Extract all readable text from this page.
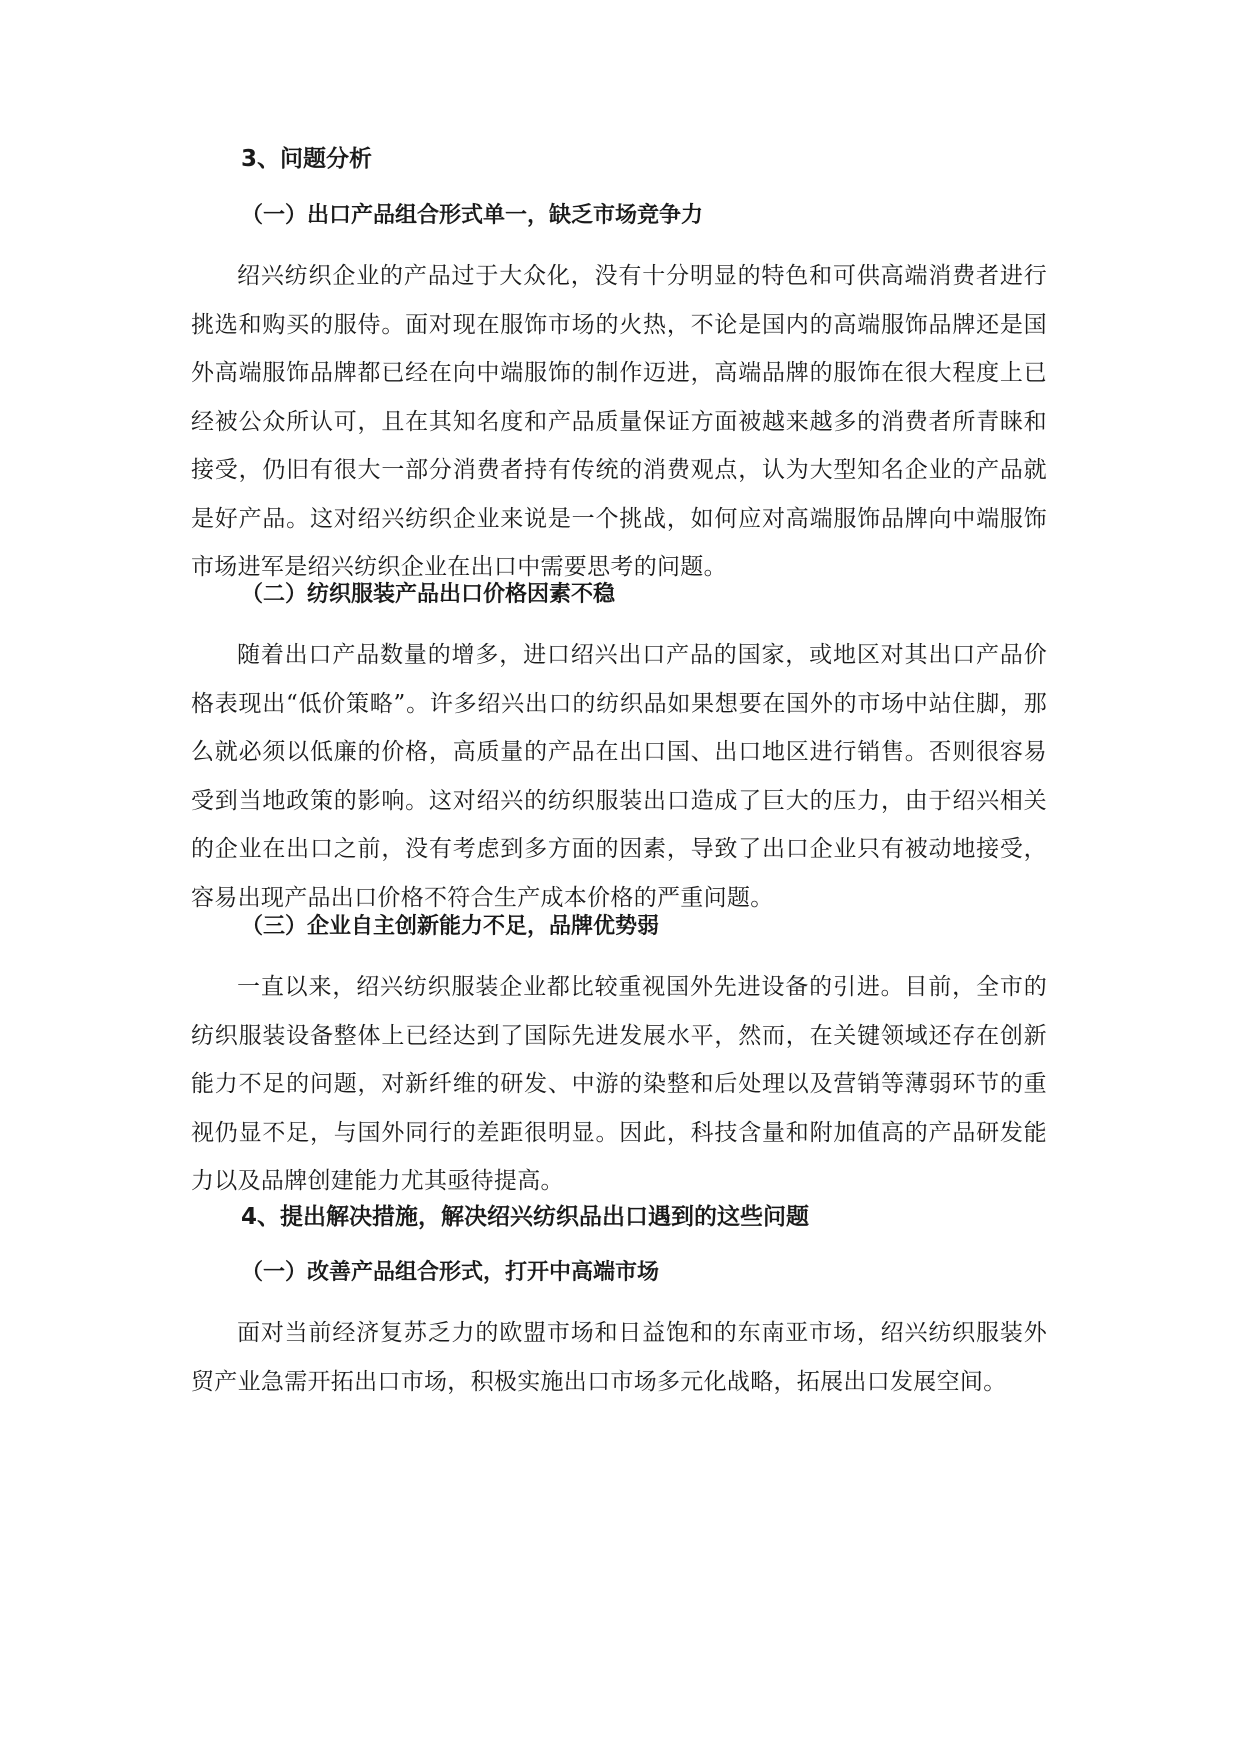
3、问题分析
（一）出口产品组合形式单一，缺乏市场竞争力

绍兴纺织企业的产品过于大众化，没有十分明显的特色和可供高端消费者进行挑选和购买的服侍。面对现在服饰市场的火热，不论是国内的高端服饰品牌还是国外高端服饰品牌都已经在向中端服饰的制作迈进，高端品牌的服饰在很大程度上已经被公众所认可，且在其知名度和产品质量保证方面被越来越多的消费者所青睐和接受，仍旧有很大一部分消费者持有传统的消费观点，认为大型知名企业的产品就是好产品。这对绍兴纺织企业来说是一个挑战，如何应对高端服饰品牌向中端服饰市场进军是绍兴纺织企业在出口中需要思考的问题。

（二）纺织服装产品出口价格因素不稳

随着出口产品数量的增多，进口绍兴出口产品的国家，或地区对其出口产品价格表现出“低价策略”。许多绍兴出口的纺织品如果想要在国外的市场中站住脚，那么就必须以低廉的价格，高质量的产品在出口国、出口地区进行销售。否则很容易受到当地政策的影响。这对绍兴的纺织服装出口造成了巨大的压力，由于绍兴相关的企业在出口之前，没有考虑到多方面的因素，导致了出口企业只有被动地接受，容易出现产品出口价格不符合生产成本价格的严重问题。

（三）企业自主创新能力不足，品牌优势弱

一直以来，绍兴纺织服装企业都比较重视国外先进设备的引进。目前，全市的纺织服装设备整体上已经达到了国际先进发展水平，然而，在关键领域还存在创新能力不足的问题，对新纤维的研发、中游的染整和后处理以及营销等薄弱环节的重视仍显不足，与国外同行的差距很明显。因此，科技含量和附加值高的产品研发能力以及品牌创建能力尤其亟待提高。

4、提出解决措施，解决绍兴纺织品出口遇到的这些问题
（一）改善产品组合形式，打开中高端市场

面对当前经济复苏乏力的欧盟市场和日益饱和的东南亚市场，绍兴纺织服装外贸产业急需开拓出口市场，积极实施出口市场多元化战略，拓展出口发展空间。
